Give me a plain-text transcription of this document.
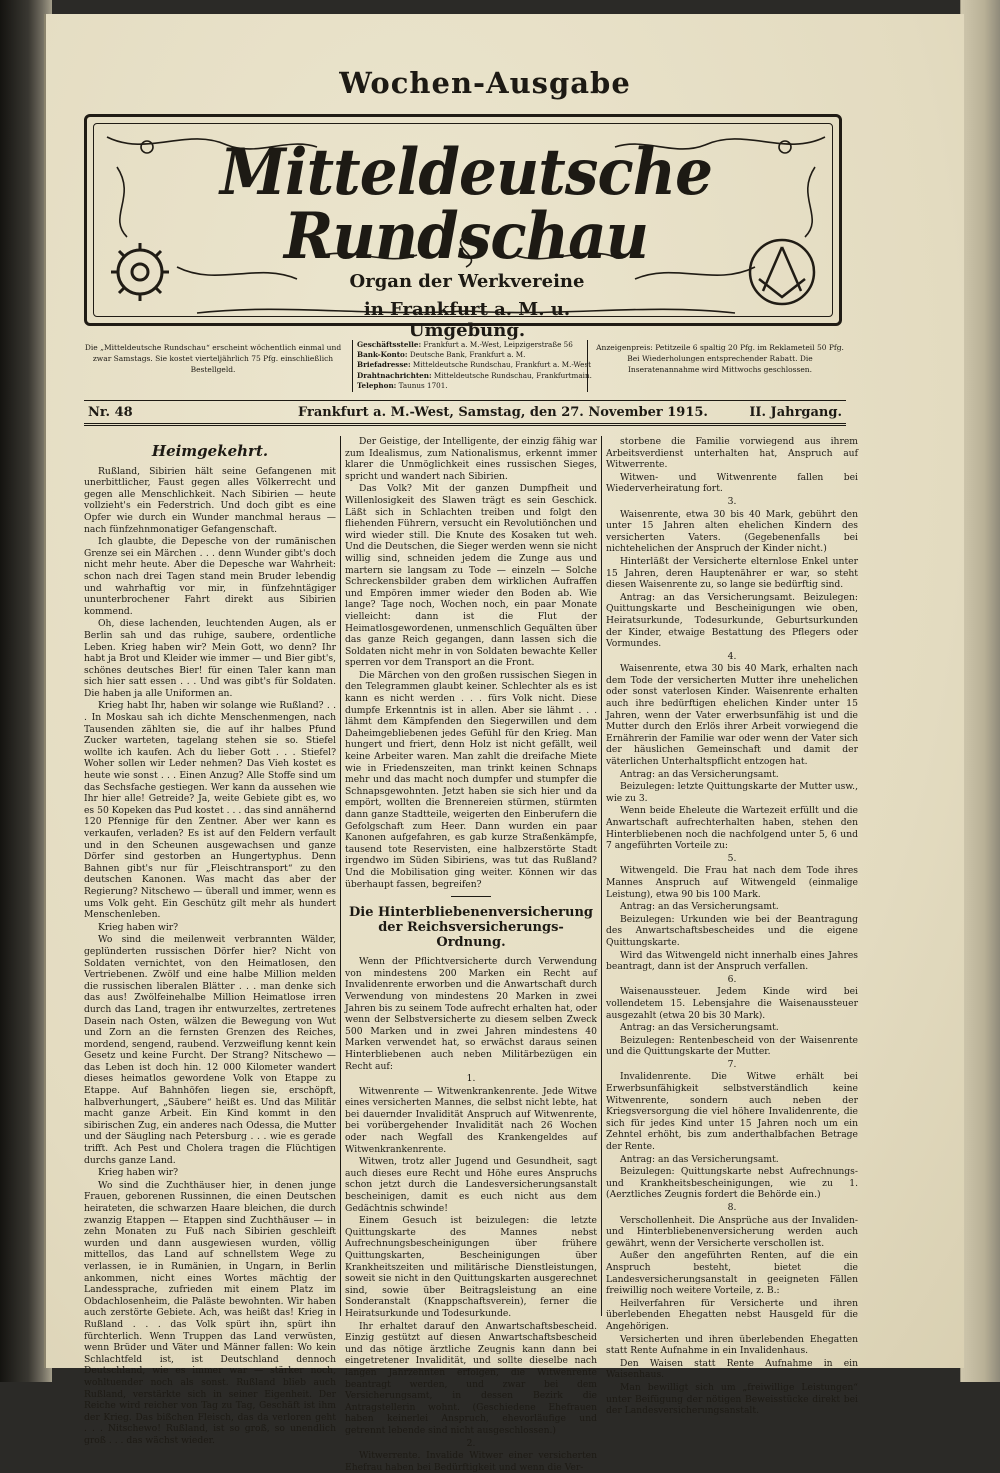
Wochen-Ausgabe
Mitteldeutsche Rundschau
Organ der Werkvereine
in Frankfurt a. M. u. Umgebung.
Die „Mitteldeutsche Rundschau“ erscheint wöchentlich einmal und zwar Samstags. Sie kostet vierteljährlich 75 Pfg. einschließlich Bestellgeld.
Geschäftsstelle: Frankfurt a. M.-West, Leipzigerstraße 56
Bank-Konto: Deutsche Bank, Frankfurt a. M.
Briefadresse: Mitteldeutsche Rundschau, Frankfurt a. M.-West
Drahtnachrichten: Mitteldeutsche Rundschau, Frankfurtmain.
Telephon: Taunus 1701.
Anzeigenpreis: Petitzeile 6 spaltig 20 Pfg. im Reklameteil 50 Pfg. Bei Wiederholungen entsprechender Rabatt. Die Inseratenannahme wird Mittwochs geschlossen.
Nr. 48	Frankfurt a. M.-West, Samstag, den 27. November 1915.	II. Jahrgang.
Heimgekehrt.

Rußland, Sibirien hält seine Gefangenen mit unerbittlicher, Faust gegen alles Völkerrecht und gegen alle Menschlichkeit. Nach Sibirien — heute vollzieht's ein Federstrich. Und doch gibt es eine Opfer wie durch ein Wunder manchmal heraus — nach fünfzehnmonatiger Gefangenschaft.

Ich glaubte, die Depesche von der rumänischen Grenze sei ein Märchen . . . denn Wunder gibt's doch nicht mehr heute. Aber die Depesche war Wahrheit: schon nach drei Tagen stand mein Bruder lebendig und wahrhaftig vor mir, in fünfzehntägiger ununterbrochener Fahrt direkt aus Sibirien kommend.

Oh, diese lachenden, leuchtenden Augen, als er Berlin sah und das ruhige, saubere, ordentliche Leben. Krieg haben wir? Mein Gott, wo denn? Ihr habt ja Brot und Kleider wie immer — und Bier gibt's, schönes deutsches Bier! für einen Taler kann man sich hier satt essen . . . Und was gibt's für Soldaten. Die haben ja alle Uniformen an.

Krieg habt Ihr, haben wir solange wie Rußland? . . . In Moskau sah ich dichte Menschenmengen, nach Tausenden zählten sie, die auf ihr halbes Pfund Zucker warteten, tagelang stehen sie so. Stiefel wollte ich kaufen. Ach du lieber Gott . . . Stiefel? Woher sollen wir Leder nehmen? Das Vieh kostet es heute wie sonst . . . Einen Anzug? Alle Stoffe sind um das Sechsfache gestiegen. Wer kann da aussehen wie Ihr hier alle! Getreide? Ja, weite Gebiete gibt es, wo es 50 Kopeken das Pud kostet . . . das sind annähernd 120 Pfennige für den Zentner. Aber wer kann es verkaufen, verladen? Es ist auf den Feldern verfault und in den Scheunen ausgewachsen und ganze Dörfer sind gestorben an Hungertyphus. Denn Bahnen gibt's nur für „Fleischtransport“ zu den deutschen Kanonen. Was macht das aber der Regierung? Nitschewo — überall und immer, wenn es ums Volk geht. Ein Geschütz gilt mehr als hundert Menschenleben.

Krieg haben wir?

Wo sind die meilenweit verbrannten Wälder, geplünderten russischen Dörfer hier? Nicht von Soldaten vernichtet, von den Heimatlosen, den Vertriebenen. Zwölf und eine halbe Million melden die russischen liberalen Blätter . . . man denke sich das aus! Zwölfeinehalbe Million Heimatlose irren durch das Land, tragen ihr entwurzeltes, zertretenes Dasein nach Osten, wälzen die Bewegung von Wut und Zorn an die fernsten Grenzen des Reiches, mordend, sengend, raubend. Verzweiflung kennt kein Gesetz und keine Furcht. Der Strang? Nitschewo — das Leben ist doch hin. 12 000 Kilometer wandert dieses heimatlos gewordene Volk von Etappe zu Etappe. Auf Bahnhöfen liegen sie, erschöpft, halbverhungert, „Säubere“ heißt es. Und das Militär macht ganze Arbeit. Ein Kind kommt in den sibirischen Zug, ein anderes nach Odessa, die Mutter und der Säugling nach Petersburg . . . wie es gerade trifft. Ach Pest und Cholera tragen die Flüchtigen durchs ganze Land.

Krieg haben wir?

Wo sind die Zuchthäuser hier, in denen junge Frauen, geborenen Russinnen, die einen Deutschen heirateten, die schwarzen Haare bleichen, die durch zwanzig Etappen — Etappen sind Zuchthäuser — in zehn Monaten zu Fuß nach Sibirien geschleift wurden und dann ausgewiesen wurden, völlig mittellos, das Land auf schnellstem Wege zu verlassen, ie in Rumänien, in Ungarn, in Berlin ankommen, nicht eines Wortes mächtig der Landessprache, zufrieden mit einem Platz im Obdachlosenheim, die Paläste bewohnten. Wir haben auch zerstörte Gebiete. Ach, was heißt das! Krieg in Rußland . . . das Volk spürt ihn, spürt ihn fürchterlich. Wenn Truppen das Land verwüsten, wenn Brüder und Väter und Männer fallen: Wo kein Schlachtfeld ist, ist Deutschland dennoch Deutschland, wie es immer war — stärker noch, wohltuender noch als sonst. Rußland blieb auch Rußland, verstärkte sich in seiner Eigenheit. Der Reiche wird reicher von Tag zu Tag, Geschäft ist ihm der Krieg. Das bißchen Fleisch, das da verloren geht . . . Nitschewo! Rußland, ist so groß, so unendlich groß . . . das wächst wieder.

Der Geistige, der Intelligente, der einzig fähig war zum Idealismus, zum Nationalismus, erkennt immer klarer die Unmöglichkeit eines russischen Sieges, spricht und wandert nach Sibirien.

Das Volk? Mit der ganzen Dumpfheit und Willenlosigkeit des Slawen trägt es sein Geschick. Läßt sich in Schlachten treiben und folgt den fliehenden Führern, versucht ein Revolutiönchen und wird wieder still. Die Knute des Kosaken tut weh. Und die Deutschen, die Sieger werden wenn sie nicht willig sind, schneiden jedem die Zunge aus und martern sie langsam zu Tode — einzeln — Solche Schreckensbilder graben dem wirklichen Aufraffen und Empören immer wieder den Boden ab. Wie lange? Tage noch, Wochen noch, ein paar Monate vielleicht: dann ist die Flut der Heimatlosgewordenen, unmenschlich Gequälten über das ganze Reich gegangen, dann lassen sich die Soldaten nicht mehr in von Soldaten bewachte Keller sperren vor dem Transport an die Front.

Die Märchen von den großen russischen Siegen in den Telegrammen glaubt keiner. Schlechter als es ist kann es nicht werden . . . fürs Volk nicht. Diese dumpfe Erkenntnis ist in allen. Aber sie lähmt . . . lähmt dem Kämpfenden den Siegerwillen und dem Daheimgebliebenen jedes Gefühl für den Krieg. Man hungert und friert, denn Holz ist nicht gefällt, weil keine Arbeiter waren. Man zahlt die dreifache Miete wie in Friedenszeiten, man trinkt keinen Schnaps mehr und das macht noch dumpfer und stumpfer die Schnapsgewohnten. Jetzt haben sie sich hier und da empört, wollten die Brennereien stürmen, stürmten dann ganze Stadtteile, weigerten den Einberufern die Gefolgschaft zum Heer. Dann wurden ein paar Kanonen aufgefahren, es gab kurze Straßenkämpfe, tausend tote Reservisten, eine halbzerstörte Stadt irgendwo im Süden Sibiriens, was tut das Rußland? Und die Mobilisation ging weiter. Können wir das überhaupt fassen, begreifen?

Die Hinterbliebenenversicherung der Reichsversicherungs-Ordnung.

Wenn der Pflichtversicherte durch Verwendung von mindestens 200 Marken ein Recht auf Invalidenrente erworben und die Anwartschaft durch Verwendung von mindestens 20 Marken in zwei Jahren bis zu seinem Tode aufrecht erhalten hat, oder wenn der Selbstversicherte zu diesem selben Zweck 500 Marken und in zwei Jahren mindestens 40 Marken verwendet hat, so erwächst daraus seinen Hinterbliebenen auch neben Militärbezügen ein Recht auf:

1.

Witwenrente — Witwenkrankenrente. Jede Witwe eines versicherten Mannes, die selbst nicht lebte, hat bei dauernder Invalidität Anspruch auf Witwenrente, bei vorübergehender Invalidität nach 26 Wochen oder nach Wegfall des Krankengeldes auf Witwenkrankenrente.

Witwen, trotz aller Jugend und Gesundheit, sagt auch dieses eure Recht und Höhe eures Anspruchs schon jetzt durch die Landesversicherungsanstalt bescheinigen, damit es euch nicht aus dem Gedächtnis schwinde!

Einem Gesuch ist beizulegen: die letzte Quittungskarte des Mannes nebst Aufrechnungsbescheinigungen über frühere Quittungskarten, Bescheinigungen über Krankheitszeiten und militärische Dienstleistungen, soweit sie nicht in den Quittungskarten ausgerechnet sind, sowie über Beitragsleistung an eine Sonderanstalt (Knappschaftsverein), ferner die Heiratsurkunde und Todesurkunde.

Ihr erhaltet darauf den Anwartschaftsbescheid. Einzig gestützt auf diesen Anwartschaftsbescheid und das nötige ärztliche Zeugnis kann dann bei eingetretener Invalidität, und sollte dieselbe nach langen Jahrzehnten erfolgen, die Witwenrente beantragt werden, und zwar bei dem Versicherungsamt, in dessen Bezirk die Antragstellerin wohnt. (Geschiedene Ehefrauen haben keinerlei Anspruch, ehevorläufige und getrennt lebende sind nicht ausgeschlossen.)

2.

Witwerrente. Invalide Witwer einer versicherten Ehefrau haben bei Bedürftigkeit und wenn die Ver-

storbene die Familie vorwiegend aus ihrem Arbeitsverdienst unterhalten hat, Anspruch auf Witwerrente.

Witwen- und Witwenrente fallen bei Wiederverheiratung fort.

3.

Waisenrente, etwa 30 bis 40 Mark, gebührt den unter 15 Jahren alten ehelichen Kindern des versicherten Vaters. (Gegebenenfalls bei nichtehelichen der Anspruch der Kinder nicht.)

Hinterläßt der Versicherte elternlose Enkel unter 15 Jahren, deren Hauptenährer er war, so steht diesen Waisenrente zu, so lange sie bedürftig sind.

Antrag: an das Versicherungsamt. Beizulegen: Quittungskarte und Bescheinigungen wie oben, Heiratsurkunde, Todesurkunde, Geburtsurkunden der Kinder, etwaige Bestattung des Pflegers oder Vormundes.

4.

Waisenrente, etwa 30 bis 40 Mark, erhalten nach dem Tode der versicherten Mutter ihre unehelichen oder sonst vaterlosen Kinder. Waisenrente erhalten auch ihre bedürftigen ehelichen Kinder unter 15 Jahren, wenn der Vater erwerbsunfähig ist und die Mutter durch den Erlös ihrer Arbeit vorwiegend die Ernährerin der Familie war oder wenn der Vater sich der häuslichen Gemeinschaft und damit der väterlichen Unterhaltspflicht entzogen hat.

Antrag: an das Versicherungsamt.

Beizulegen: letzte Quittungskarte der Mutter usw., wie zu 3.

Wenn beide Eheleute die Wartezeit erfüllt und die Anwartschaft aufrechterhalten haben, stehen den Hinterbliebenen noch die nachfolgend unter 5, 6 und 7 angeführten Vorteile zu:

5.

Witwengeld. Die Frau hat nach dem Tode ihres Mannes Anspruch auf Witwengeld (einmalige Leistung), etwa 90 bis 100 Mark.

Antrag: an das Versicherungsamt.

Beizulegen: Urkunden wie bei der Beantragung des Anwartschaftsbescheides und die eigene Quittungskarte.

Wird das Witwengeld nicht innerhalb eines Jahres beantragt, dann ist der Anspruch verfallen.

6.

Waisenaussteuer. Jedem Kinde wird bei vollendetem 15. Lebensjahre die Waisenaussteuer ausgezahlt (etwa 20 bis 30 Mark).

Antrag: an das Versicherungsamt.

Beizulegen: Rentenbescheid von der Waisenrente und die Quittungskarte der Mutter.

7.

Invalidenrente. Die Witwe erhält bei Erwerbsunfähigkeit selbstverständlich keine Witwenrente, sondern auch neben der Kriegsversorgung die viel höhere Invalidenrente, die sich für jedes Kind unter 15 Jahren noch um ein Zehntel erhöht, bis zum anderthalbfachen Betrage der Rente.

Antrag: an das Versicherungsamt.

Beizulegen: Quittungskarte nebst Aufrechnungs- und Krankheitsbescheinigungen, wie zu 1. (Aerztliches Zeugnis fordert die Behörde ein.)

8.

Verschollenheit. Die Ansprüche aus der Invaliden- und Hinterbliebenenversicherung werden auch gewährt, wenn der Versicherte verschollen ist.

Außer den angeführten Renten, auf die ein Anspruch besteht, bietet die Landesversicherungsanstalt in geeigneten Fällen freiwillig noch weitere Vorteile, z. B.:

Heilverfahren für Versicherte und ihren überlebenden Ehegatten nebst Hausgeld für die Angehörigen.

Versicherten und ihren überlebenden Ehegatten statt Rente Aufnahme in ein Invalidenhaus.

Den Waisen statt Rente Aufnahme in ein Waisenhaus.

Man bewilligt sich um „freiwillige Leistungen“ unter Beifügung der nötigen Beweisstücke direkt bei der Landesversicherungsanstalt.
